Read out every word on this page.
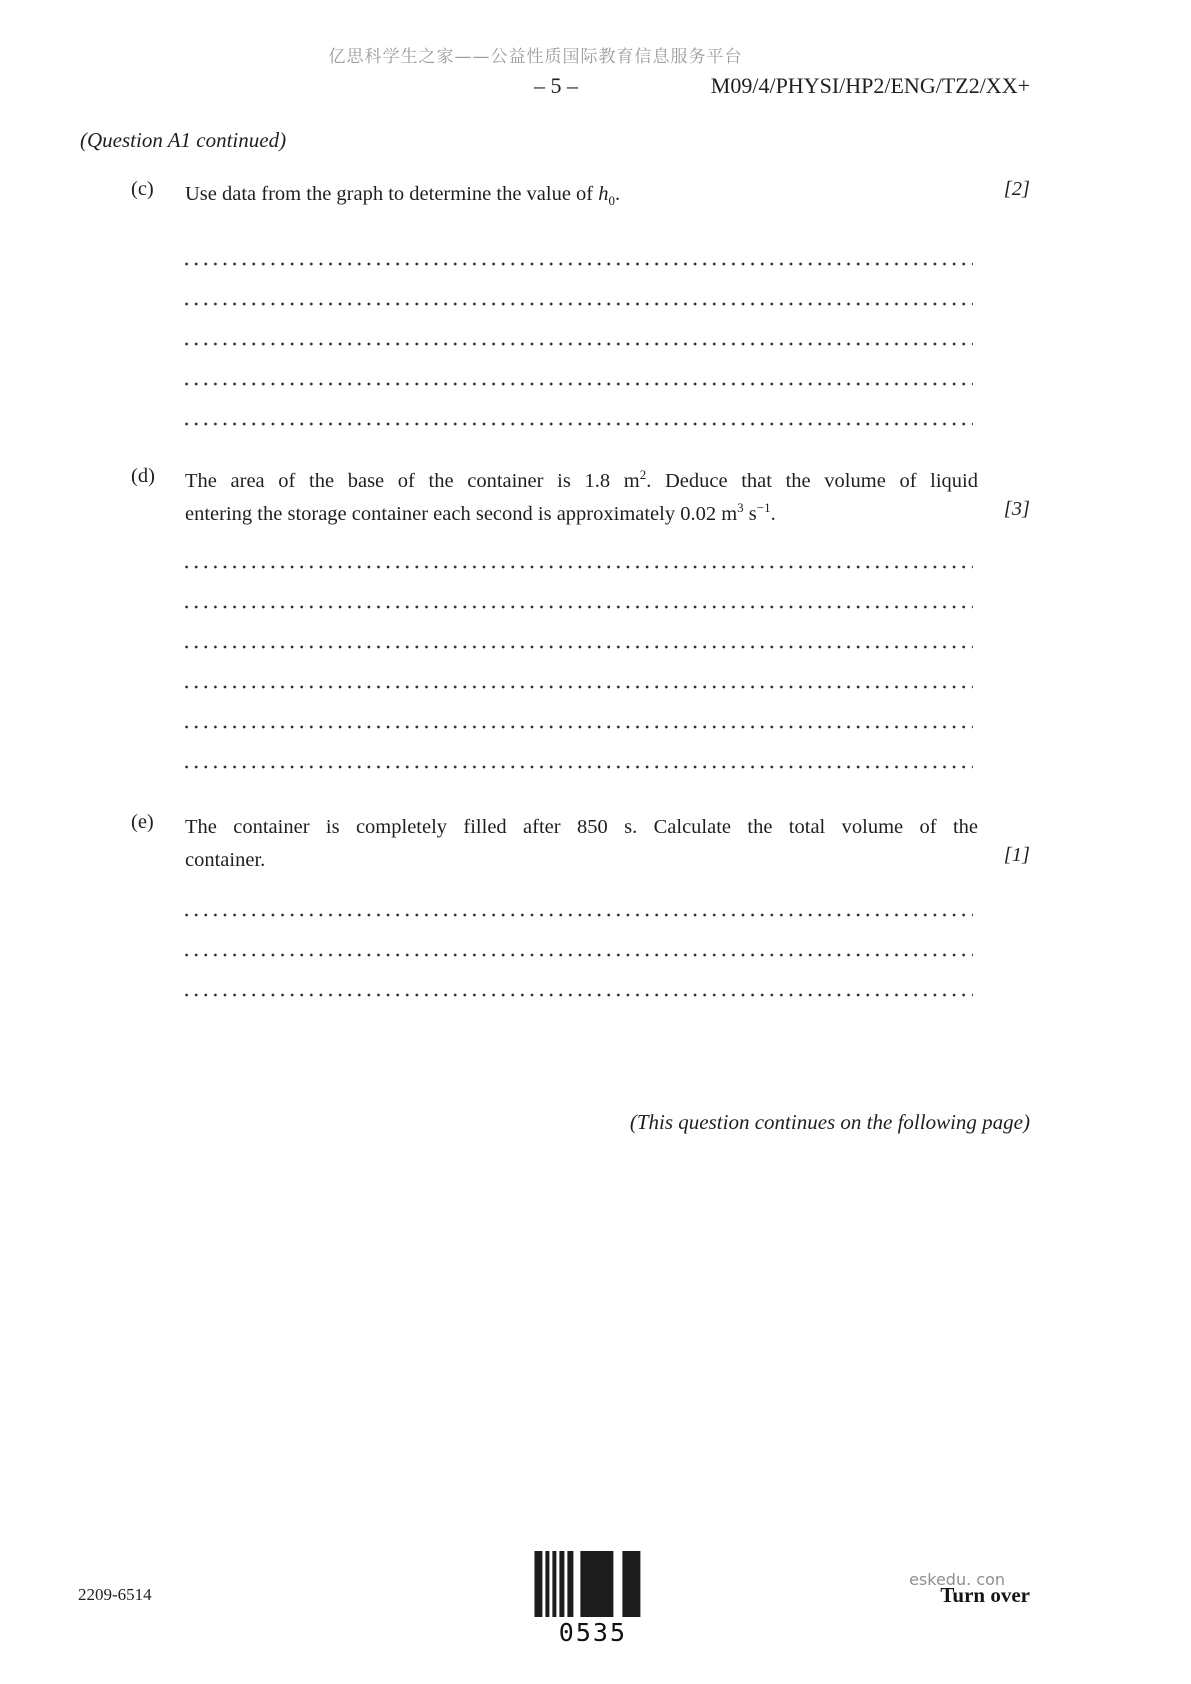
亿思科学生之家——公益性质国际教育信息服务平台
– 5 –	M09/4/PHYSI/HP2/ENG/TZ2/XX+
(Question A1 continued)
(c) Use data from the graph to determine the value of $h_0$.	[2]
(d) The area of the base of the container is 1.8 $m^2$. Deduce that the volume of liquid
entering the storage container each second is approximately 0.02 $m^3$ $s^{-1}$.	[3]
(e) The container is completely filled after 850 s. Calculate the total volume of the
container.	[1]
(This question continues on the following page)
2209-6514
0535
eskedu. con
Turn over
